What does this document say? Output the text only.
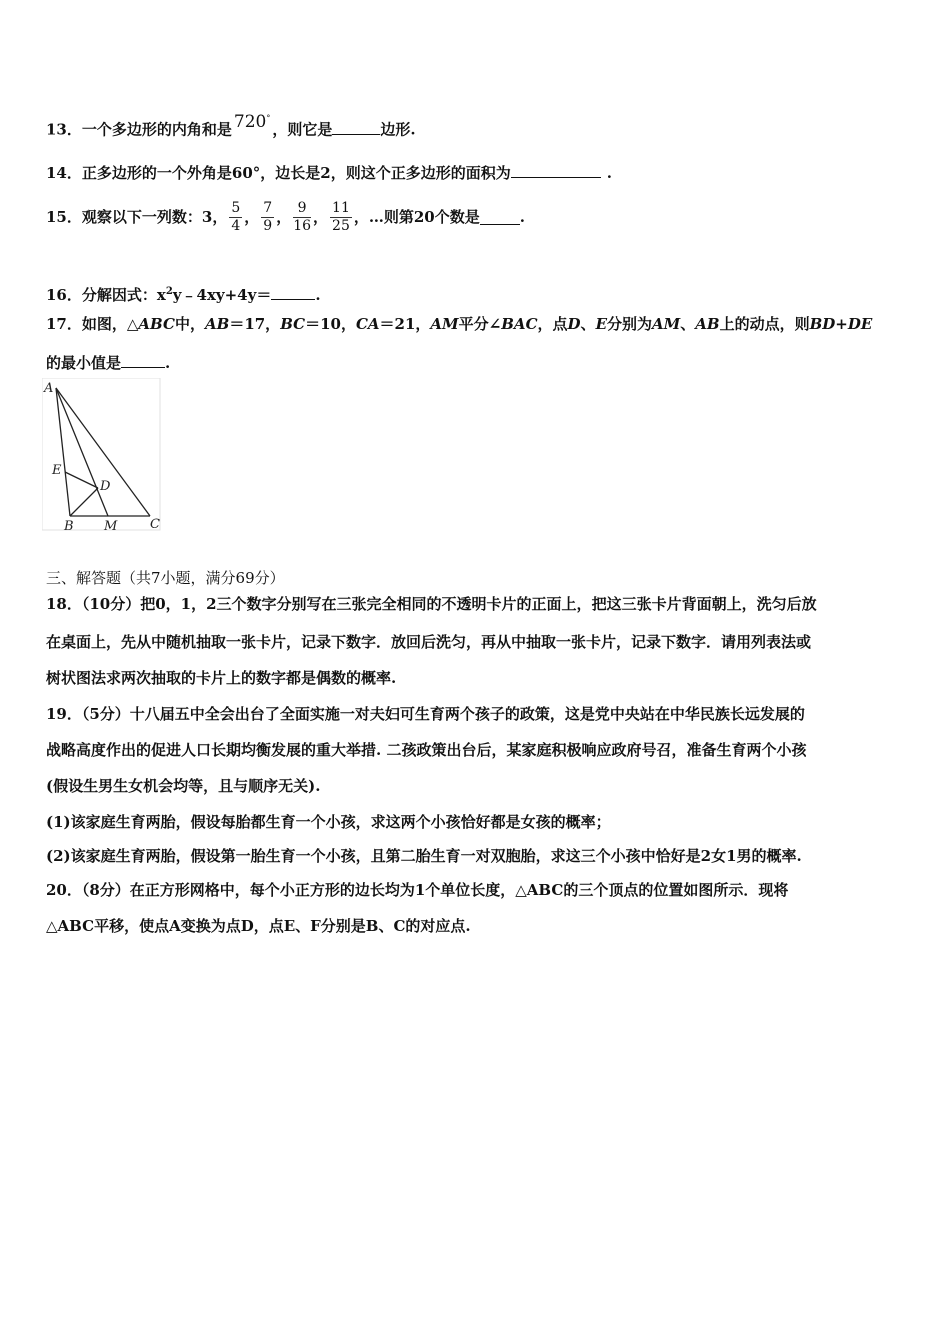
13．一个多边形的内角和是 720°，则它是	边形.
14．正多边形的一个外角是60°，边长是2，则这个正多边形的面积为	.
15．观察以下一列数：3， $\frac{5}{4}$ ， $\frac{7}{9}$ ， $\frac{9}{16}$ ， $\frac{11}{25}$ ，…则第20个数是	.
16．分解因式：$x^2y﹣4xy+4y=$	.
17．如图，△ABC中，AB＝17，BC＝10，CA＝21，AM平分∠BAC，点D、E分别为AM、AB上的动点，则BD+DE
的最小值是	.
A
E
D
B M	C
三、解答题（共7小题，满分69分）
18．（10分）把0，1，2三个数字分别写在三张完全相同的不透明卡片的正面上，把这三张卡片背面朝上，洗匀后放
在桌面上，先从中随机抽取一张卡片，记录下数字．放回后洗匀，再从中抽取一张卡片，记录下数字．请用列表法或
树状图法求两次抽取的卡片上的数字都是偶数的概率.
19．（5分）十八届五中全会出台了全面实施一对夫妇可生育两个孩子的政策，这是党中央站在中华民族长远发展的
战略高度作出的促进人口长期均衡发展的重大举措. 二孩政策出台后，某家庭积极响应政府号召，准备生育两个小孩
(假设生男生女机会均等，且与顺序无关).
(1)该家庭生育两胎，假设每胎都生育一个小孩，求这两个小孩恰好都是女孩的概率；
(2)该家庭生育两胎，假设第一胎生育一个小孩，且第二胎生育一对双胞胎，求这三个小孩中恰好是2女1男的概率.
20．（8分）在正方形网格中，每个小正方形的边长均为1个单位长度，△ABC的三个顶点的位置如图所示．现将
△ABC平移，使点A变换为点D，点E、F分别是B、C的对应点.
